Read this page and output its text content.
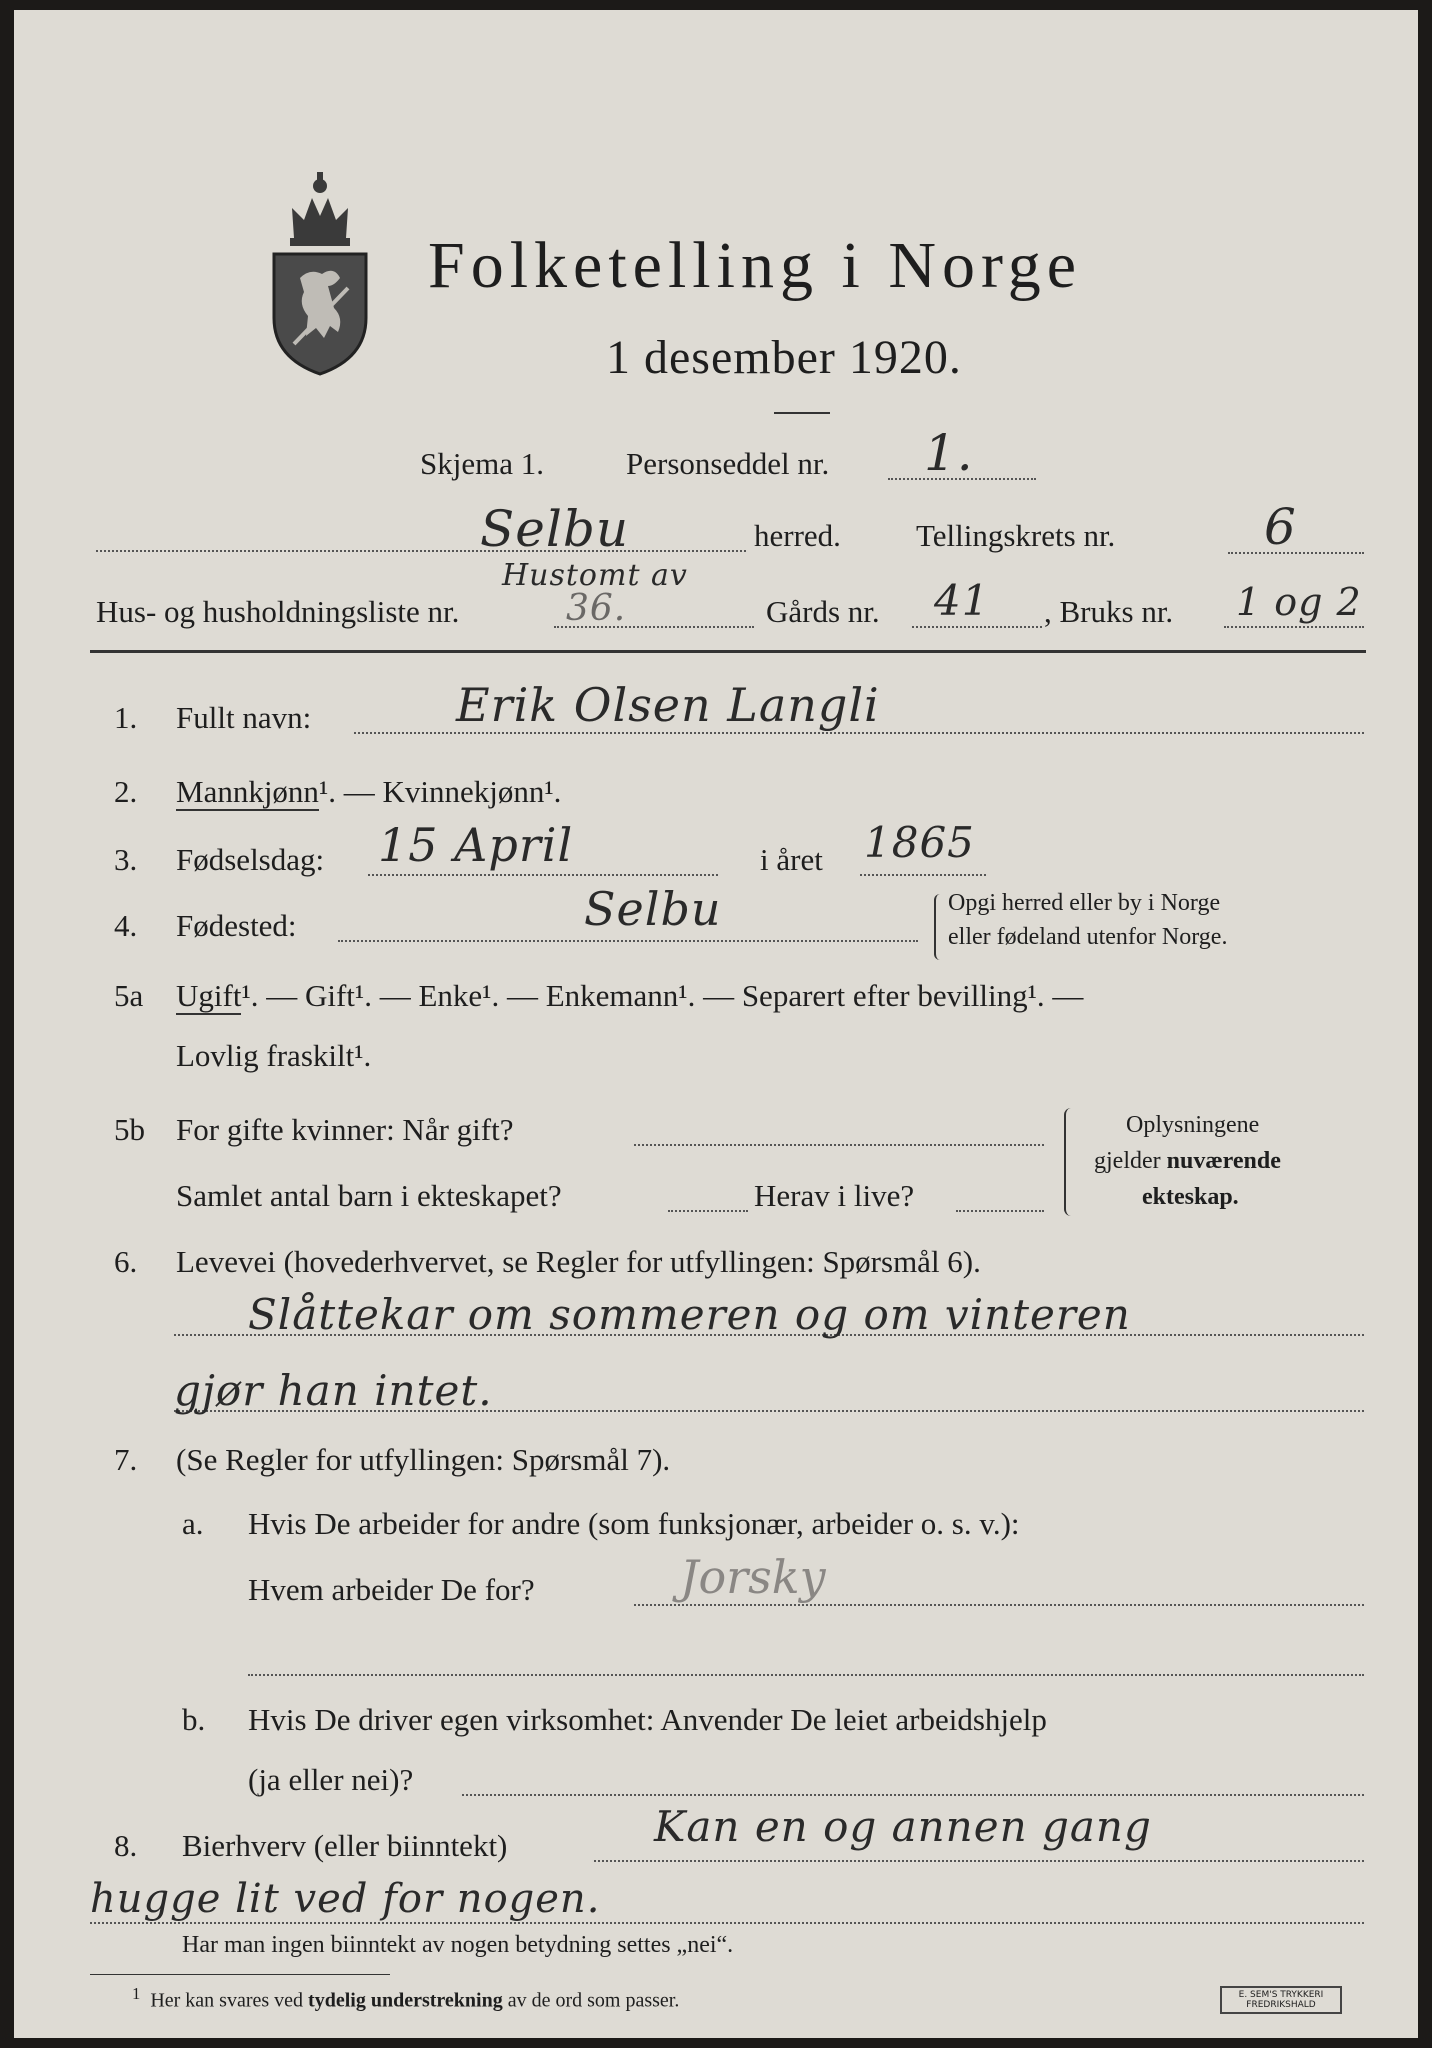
Folketelling i Norge
1 desember 1920.
Skjema 1.	Personseddel nr. 1.
Selbu	herred. Tellingskrets nr.	6
Hustomt av
Hus- og husholdningsliste nr.	36.	Gårds nr. 41 , Bruks nr. 1 og 2
1. Fullt navn:	Erik Olsen Langli
2. Mannkjønn¹. — Kvinnekjønn¹.
3. Fødselsdag: 15 April	i året 1865
4. Fødested:	Selbu	Opgi herred eller by i Norge
eller fødeland utenfor Norge.
5a Ugift¹. — Gift¹. — Enke¹. — Enkemann¹. — Separert efter bevilling¹. —
Lovlig fraskilt¹.
5b For gifte kvinner: Når gift?
Samlet antal barn i ekteskapet?	Herav i live?
Oplysningene
gjelder nuværende
ekteskap.
6. Levevei (hovederhvervet, se Regler for utfyllingen: Spørsmål 6).
Slåttekar om sommeren og om vinteren
gjør han intet.
7. (Se Regler for utfyllingen: Spørsmål 7).
a. Hvis De arbeider for andre (som funksjonær, arbeider o. s. v.):
Hvem arbeider De for?	Jorsky
b. Hvis De driver egen virksomhet: Anvender De leiet arbeidshjelp
(ja eller nei)?
8. Bierhverv (eller biinntekt)	Kan en og annen gang
hugge lit ved for nogen.
Har man ingen biinntekt av nogen betydning settes „nei“.
$^1$ Her kan svares ved tydelig understrekning av de ord som passer.	E. SEM'S TRYKKERI FREDRIKSHALD
